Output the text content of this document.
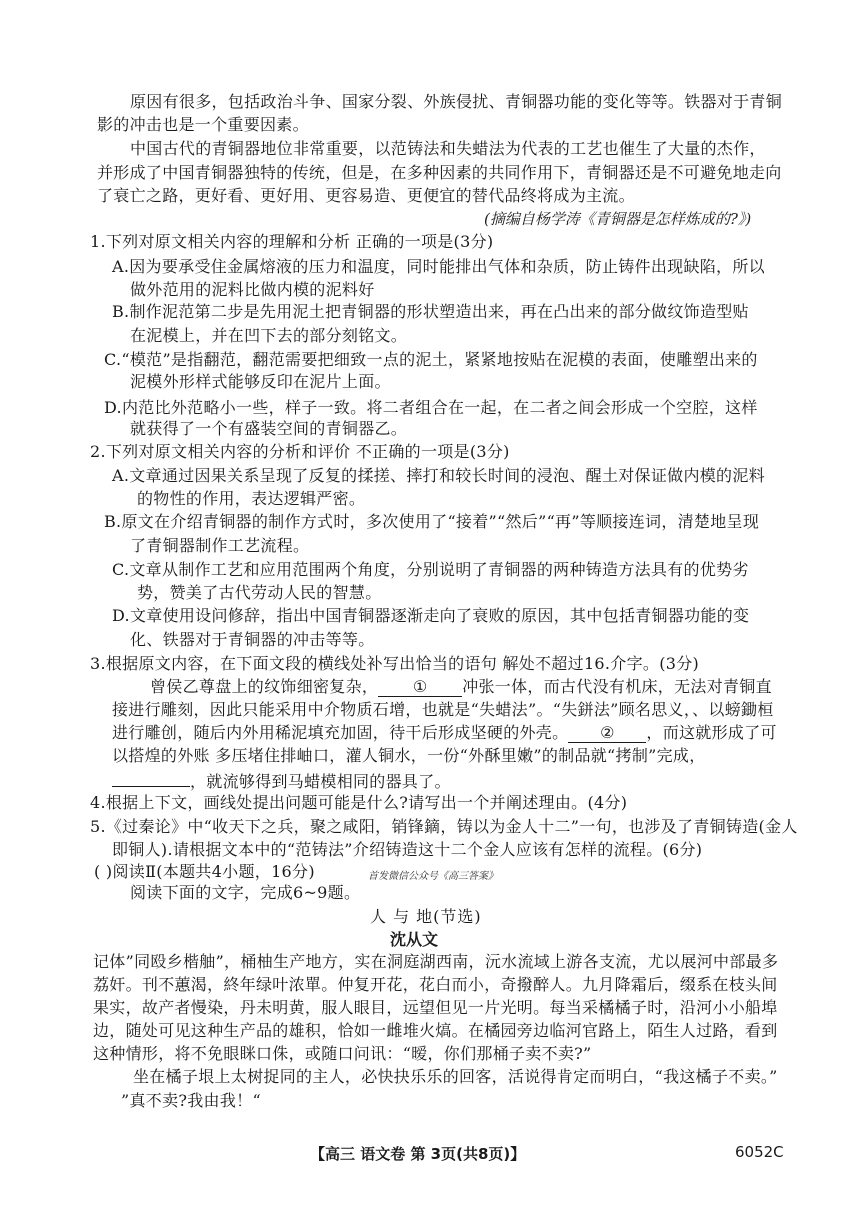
原因有很多，包括政治斗争、国家分裂、外族侵扰、青铜器功能的变化等等。铁器对于青铜
影的冲击也是一个重要因素。
中国古代的青铜器地位非常重要，以范铸法和失蜡法为代表的工艺也催生了大量的杰作，
并形成了中国青铜器独特的传统，但是，在多种因素的共同作用下，青铜器还是不可避免地走向
了衰亡之路，更好看、更好用、更容易造、更便宜的替代品终将成为主流。
(摘编自杨学涛《青铜器是怎样炼成的?》)
1.下列对原文相关内容的理解和分析 正确的一项是(3分)
A.因为要承受住金属熔液的压力和温度，同时能排出气体和杂质，防止铸件出现缺陷，所以
做外范用的泥料比做内模的泥料好
B.制作泥范第二步是先用泥土把青铜器的形状塑造出来，再在凸出来的部分做纹饰造型贴
在泥模上，并在凹下去的部分刻铭文。
C.“模范”是指翻范，翻范需要把细致一点的泥土，紧紧地按贴在泥模的表面，使雕塑出来的
泥模外形样式能够反印在泥片上面。
D.内范比外范略小一些，样子一致。将二者组合在一起，在二者之间会形成一个空腔，这样
就获得了一个有盛装空间的青铜器乙。
2.下列对原文相关内容的分析和评价 不正确的一项是(3分)
A.文章通过因果关系呈现了反复的揉搓、摔打和较长时间的浸泡、醒土对保证做内模的泥料
的物性的作用，表达逻辑严密。
B.原文在介绍青铜器的制作方式时，多次使用了“接着”“然后”“再”等顺接连词，清楚地呈现
了青铜器制作工艺流程。
C.文章从制作工艺和应用范围两个角度，分别说明了青铜器的两种铸造方法具有的优势劣
势，赞美了古代劳动人民的智慧。
D.文章使用设问修辞，指出中国青铜器逐渐走向了衰败的原因，其中包括青铜器功能的变
化、铁器对于青铜器的冲击等等。
3.根据原文内容，在下面文段的横线处补写出恰当的语句 解处不超过16.介字。(3分)
曾侯乙尊盘上的纹饰细密复杂， ① 冲张一体，而古代没有机床，无法对青铜直
接进行雕刻，因此只能采用中介物质石增，也就是“失蜡法”。“失鉼法”顾名思义，、以螃鋤桓
进行雕创，随后内外用稀泥填充加固，待干后形成坚硬的外壳。 ② ，而这就形成了可
以搭煌的外账 多压堵住排岫口，灌人铜水，一份“外酥里嫩”的制品就“拷制”完成，
，就流够得到马蜡模相同的器具了。
4.根据上下文，画线处提出问题可能是什么?请写出一个并阐述理由。(4分)
5.《过秦论》中“收天下之兵，聚之咸阳，销锋鏑，铸以为金人十二”一句，也涉及了青铜铸造(金人
即铜人).请根据文本中的“范铸法”介绍铸造这十二个金人应该有怎样的流程。(6分)
( )阅读Ⅱ(本题共4小题，16分)	首发微信公众号《高三答案》
阅读下面的文字，完成6~9题。
人 与 地(节选)
沈从文
记体”同殴乡楷舳”，桶柚生产地方，实在洞庭湖西南，沅水流域上游各支流，尤以展河中部最多
荔奸。刊不蕙渴，終年绿叶浓單。仲复开花，花白而小，奇撥醉人。九月降霜后，缀系在枝头间
果实，故产者慢染，丹未明黄，服人眼目，远望但见一片光明。每当采橘橘子时，沿河小小船埠
边，随处可见这种生产品的雄积，恰如一雌堆火熇。在橘园旁边临河官路上，陌生人过路，看到
这种情形，将不免眼眯口侏，或随口问讯：“暧，你们那桶子卖不卖?”
坐在橘子垠上太树捉同的主人，必快抉乐乐的回客，活说得肯定而明白，“我这橘子不卖。”
”真不卖?我由我！“
【高三 语文卷 第 3页(共8页)】	6052C
